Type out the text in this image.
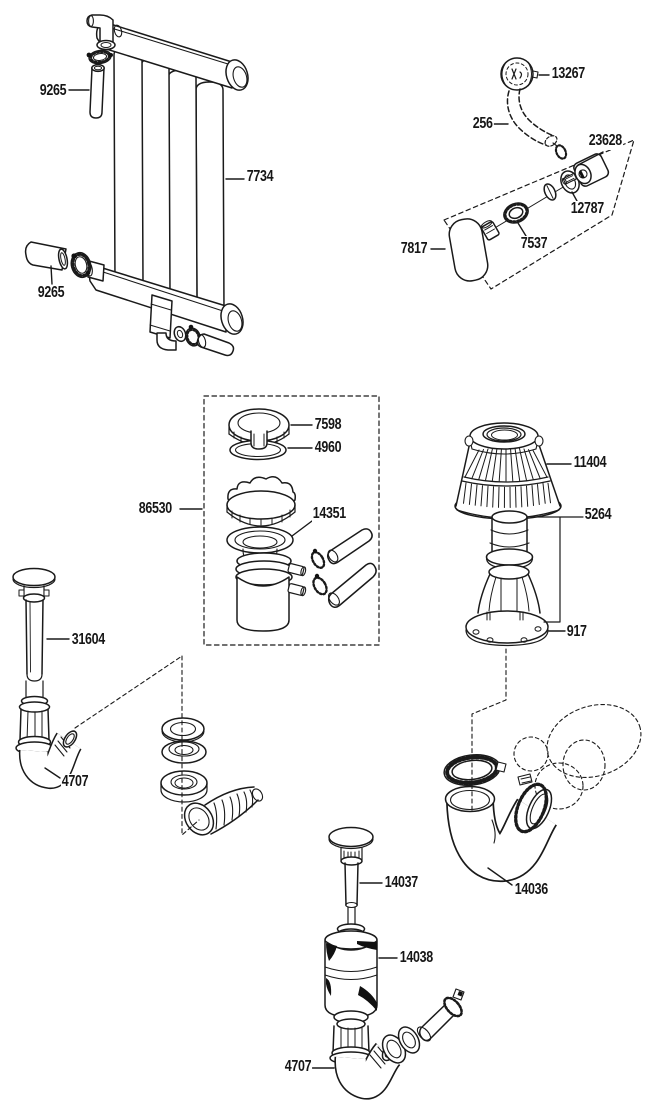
9265
7734
9265
13267
256
23628
12787
7537
7817
7598
4960
86530	14351
11404
5264
917
31604
4707
14037
14038
14036
4707
